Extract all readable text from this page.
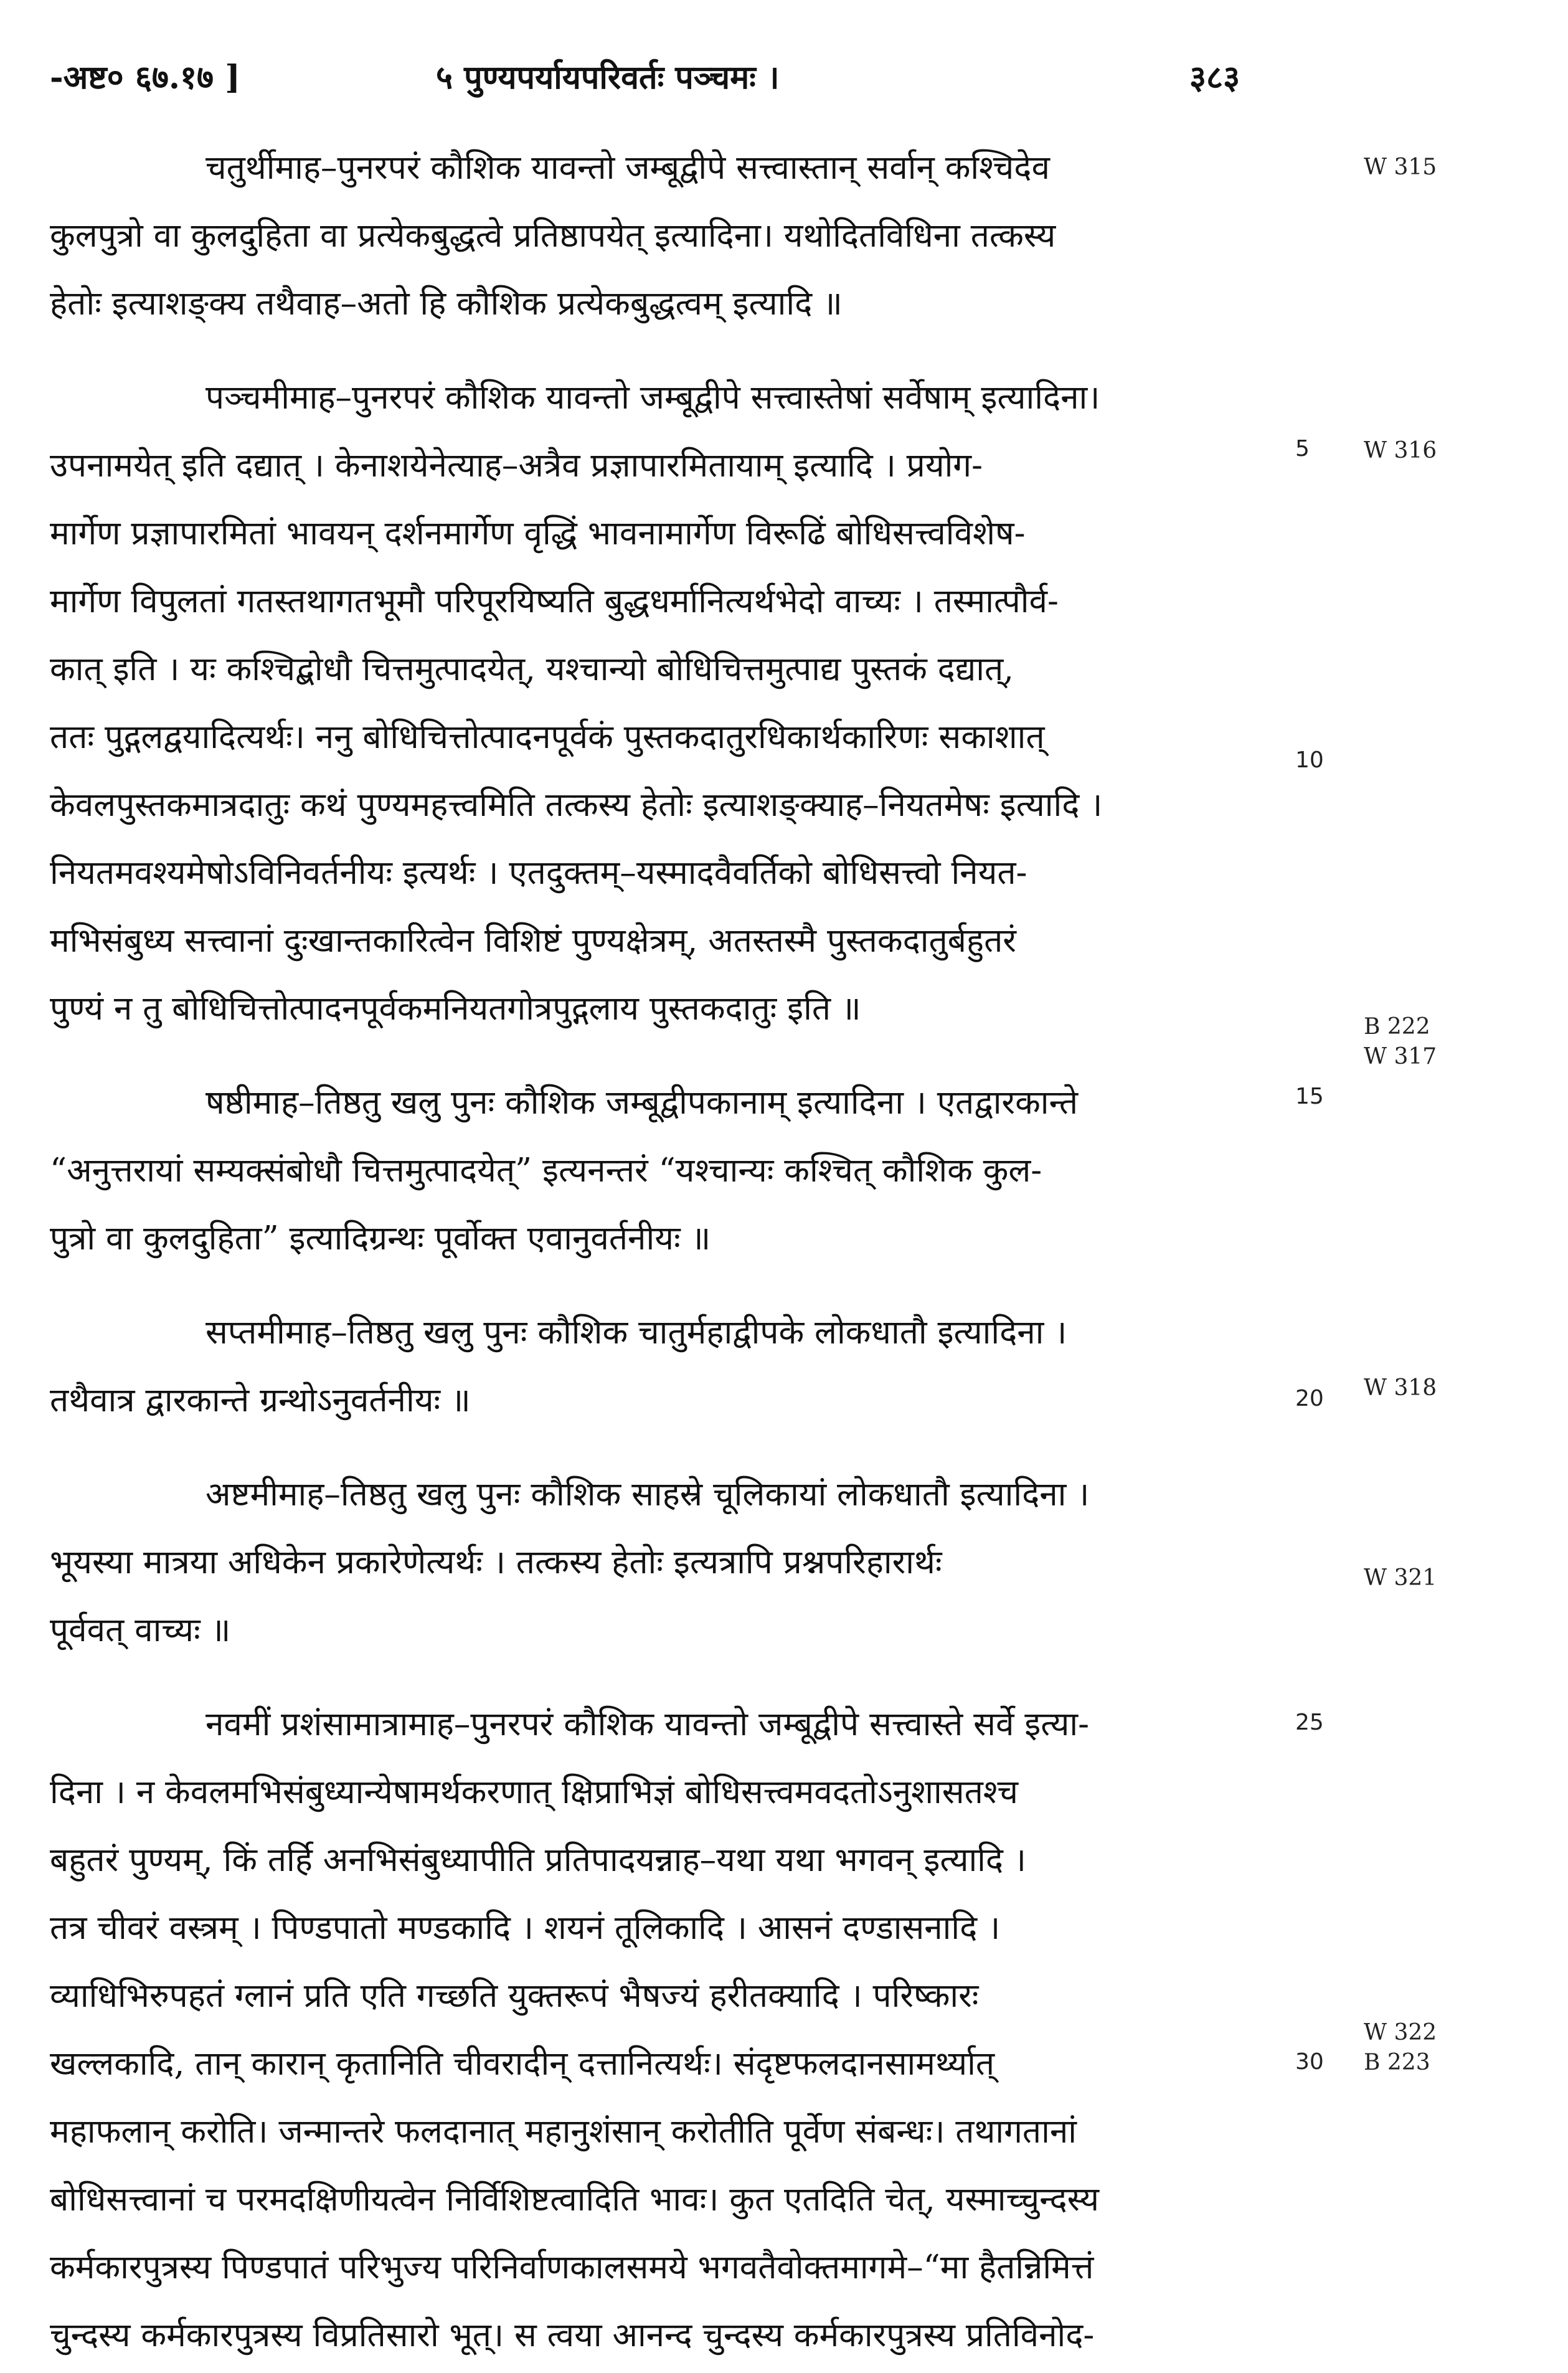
-अष्ट० ६७.१७ ]	५ पुण्यपर्यायपरिवर्तः पञ्चमः ।	३८३
चतुर्थीमाह–पुनरपरं कौशिक यावन्तो जम्बूद्वीपे सत्त्वास्तान् सर्वान् कश्चिदेव
कुलपुत्रो वा कुलदुहिता वा प्रत्येकबुद्धत्वे प्रतिष्ठापयेत् इत्यादिना। यथोदितविधिना तत्कस्य
हेतोः इत्याशङ्क्य तथैवाह–अतो हि कौशिक प्रत्येकबुद्धत्वम् इत्यादि ॥
पञ्चमीमाह–पुनरपरं कौशिक यावन्तो जम्बूद्वीपे सत्त्वास्तेषां सर्वेषाम् इत्यादिना।
उपनामयेत् इति दद्यात् । केनाशयेनेत्याह–अत्रैव प्रज्ञापारमितायाम् इत्यादि । प्रयोग-
मार्गेण प्रज्ञापारमितां भावयन् दर्शनमार्गेण वृद्धिं भावनामार्गेण विरूढिं बोधिसत्त्वविशेष-
मार्गेण विपुलतां गतस्तथागतभूमौ परिपूरयिष्यति बुद्धधर्मानित्यर्थभेदो वाच्यः । तस्मात्पौर्व-
कात् इति । यः कश्चिद्बोधौ चित्तमुत्पादयेत्, यश्चान्यो बोधिचित्तमुत्पाद्य पुस्तकं दद्यात्,
ततः पुद्गलद्वयादित्यर्थः। ननु बोधिचित्तोत्पादनपूर्वकं पुस्तकदातुरधिकार्थकारिणः सकाशात्
केवलपुस्तकमात्रदातुः कथं पुण्यमहत्त्वमिति तत्कस्य हेतोः इत्याशङ्क्याह–नियतमेषः इत्यादि ।
नियतमवश्यमेषोऽविनिवर्तनीयः इत्यर्थः । एतदुक्तम्–यस्मादवैवर्तिको बोधिसत्त्वो नियत-
मभिसंबुध्य सत्त्वानां दुःखान्तकारित्वेन विशिष्टं पुण्यक्षेत्रम्, अतस्तस्मै पुस्तकदातुर्बहुतरं
पुण्यं न तु बोधिचित्तोत्पादनपूर्वकमनियतगोत्रपुद्गलाय पुस्तकदातुः इति ॥
षष्ठीमाह–तिष्ठतु खलु पुनः कौशिक जम्बूद्वीपकानाम् इत्यादिना । एतद्वारकान्ते
“अनुत्तरायां सम्यक्संबोधौ चित्तमुत्पादयेत्” इत्यनन्तरं “यश्चान्यः कश्चित् कौशिक कुल-
पुत्रो वा कुलदुहिता” इत्यादिग्रन्थः पूर्वोक्त एवानुवर्तनीयः ॥
सप्तमीमाह–तिष्ठतु खलु पुनः कौशिक चातुर्महाद्वीपके लोकधातौ इत्यादिना ।
तथैवात्र द्वारकान्ते ग्रन्थोऽनुवर्तनीयः ॥
अष्टमीमाह–तिष्ठतु खलु पुनः कौशिक साहस्रे चूलिकायां लोकधातौ इत्यादिना ।
भूयस्या मात्रया अधिकेन प्रकारेणेत्यर्थः । तत्कस्य हेतोः इत्यत्रापि प्रश्नपरिहारार्थः
पूर्ववत् वाच्यः ॥
नवमीं प्रशंसामात्रामाह–पुनरपरं कौशिक यावन्तो जम्बूद्वीपे सत्त्वास्ते सर्वे इत्या-
दिना । न केवलमभिसंबुध्यान्येषामर्थकरणात् क्षिप्राभिज्ञं बोधिसत्त्वमवदतोऽनुशासतश्च
बहुतरं पुण्यम्, किं तर्हि अनभिसंबुध्यापीति प्रतिपादयन्नाह–यथा यथा भगवन् इत्यादि ।
तत्र चीवरं वस्त्रम् । पिण्डपातो मण्डकादि । शयनं तूलिकादि । आसनं दण्डासनादि ।
व्याधिभिरुपहतं ग्लानं प्रति एति गच्छति युक्तरूपं भैषज्यं हरीतक्यादि । परिष्कारः
खल्लकादि, तान् कारान् कृतानिति चीवरादीन् दत्तानित्यर्थः। संदृष्टफलदानसामर्थ्यात्
महाफलान् करोति। जन्मान्तरे फलदानात् महानुशंसान् करोतीति पूर्वेण संबन्धः। तथागतानां
बोधिसत्त्वानां च परमदक्षिणीयत्वेन निर्विशिष्टत्वादिति भावः। कुत एतदिति चेत्, यस्माच्चुन्दस्य
कर्मकारपुत्रस्य पिण्डपातं परिभुज्य परिनिर्वाणकालसमये भगवतैवोक्तमागमे–“मा हैतन्निमित्तं
चुन्दस्य कर्मकारपुत्रस्य विप्रतिसारो भूत्। स त्वया आनन्द चुन्दस्य कर्मकारपुत्रस्य प्रतिविनोद-
5
10
15
20
25
30
W 315
W 316
B 222
W 317
W 318
W 321
W 322
B 223
